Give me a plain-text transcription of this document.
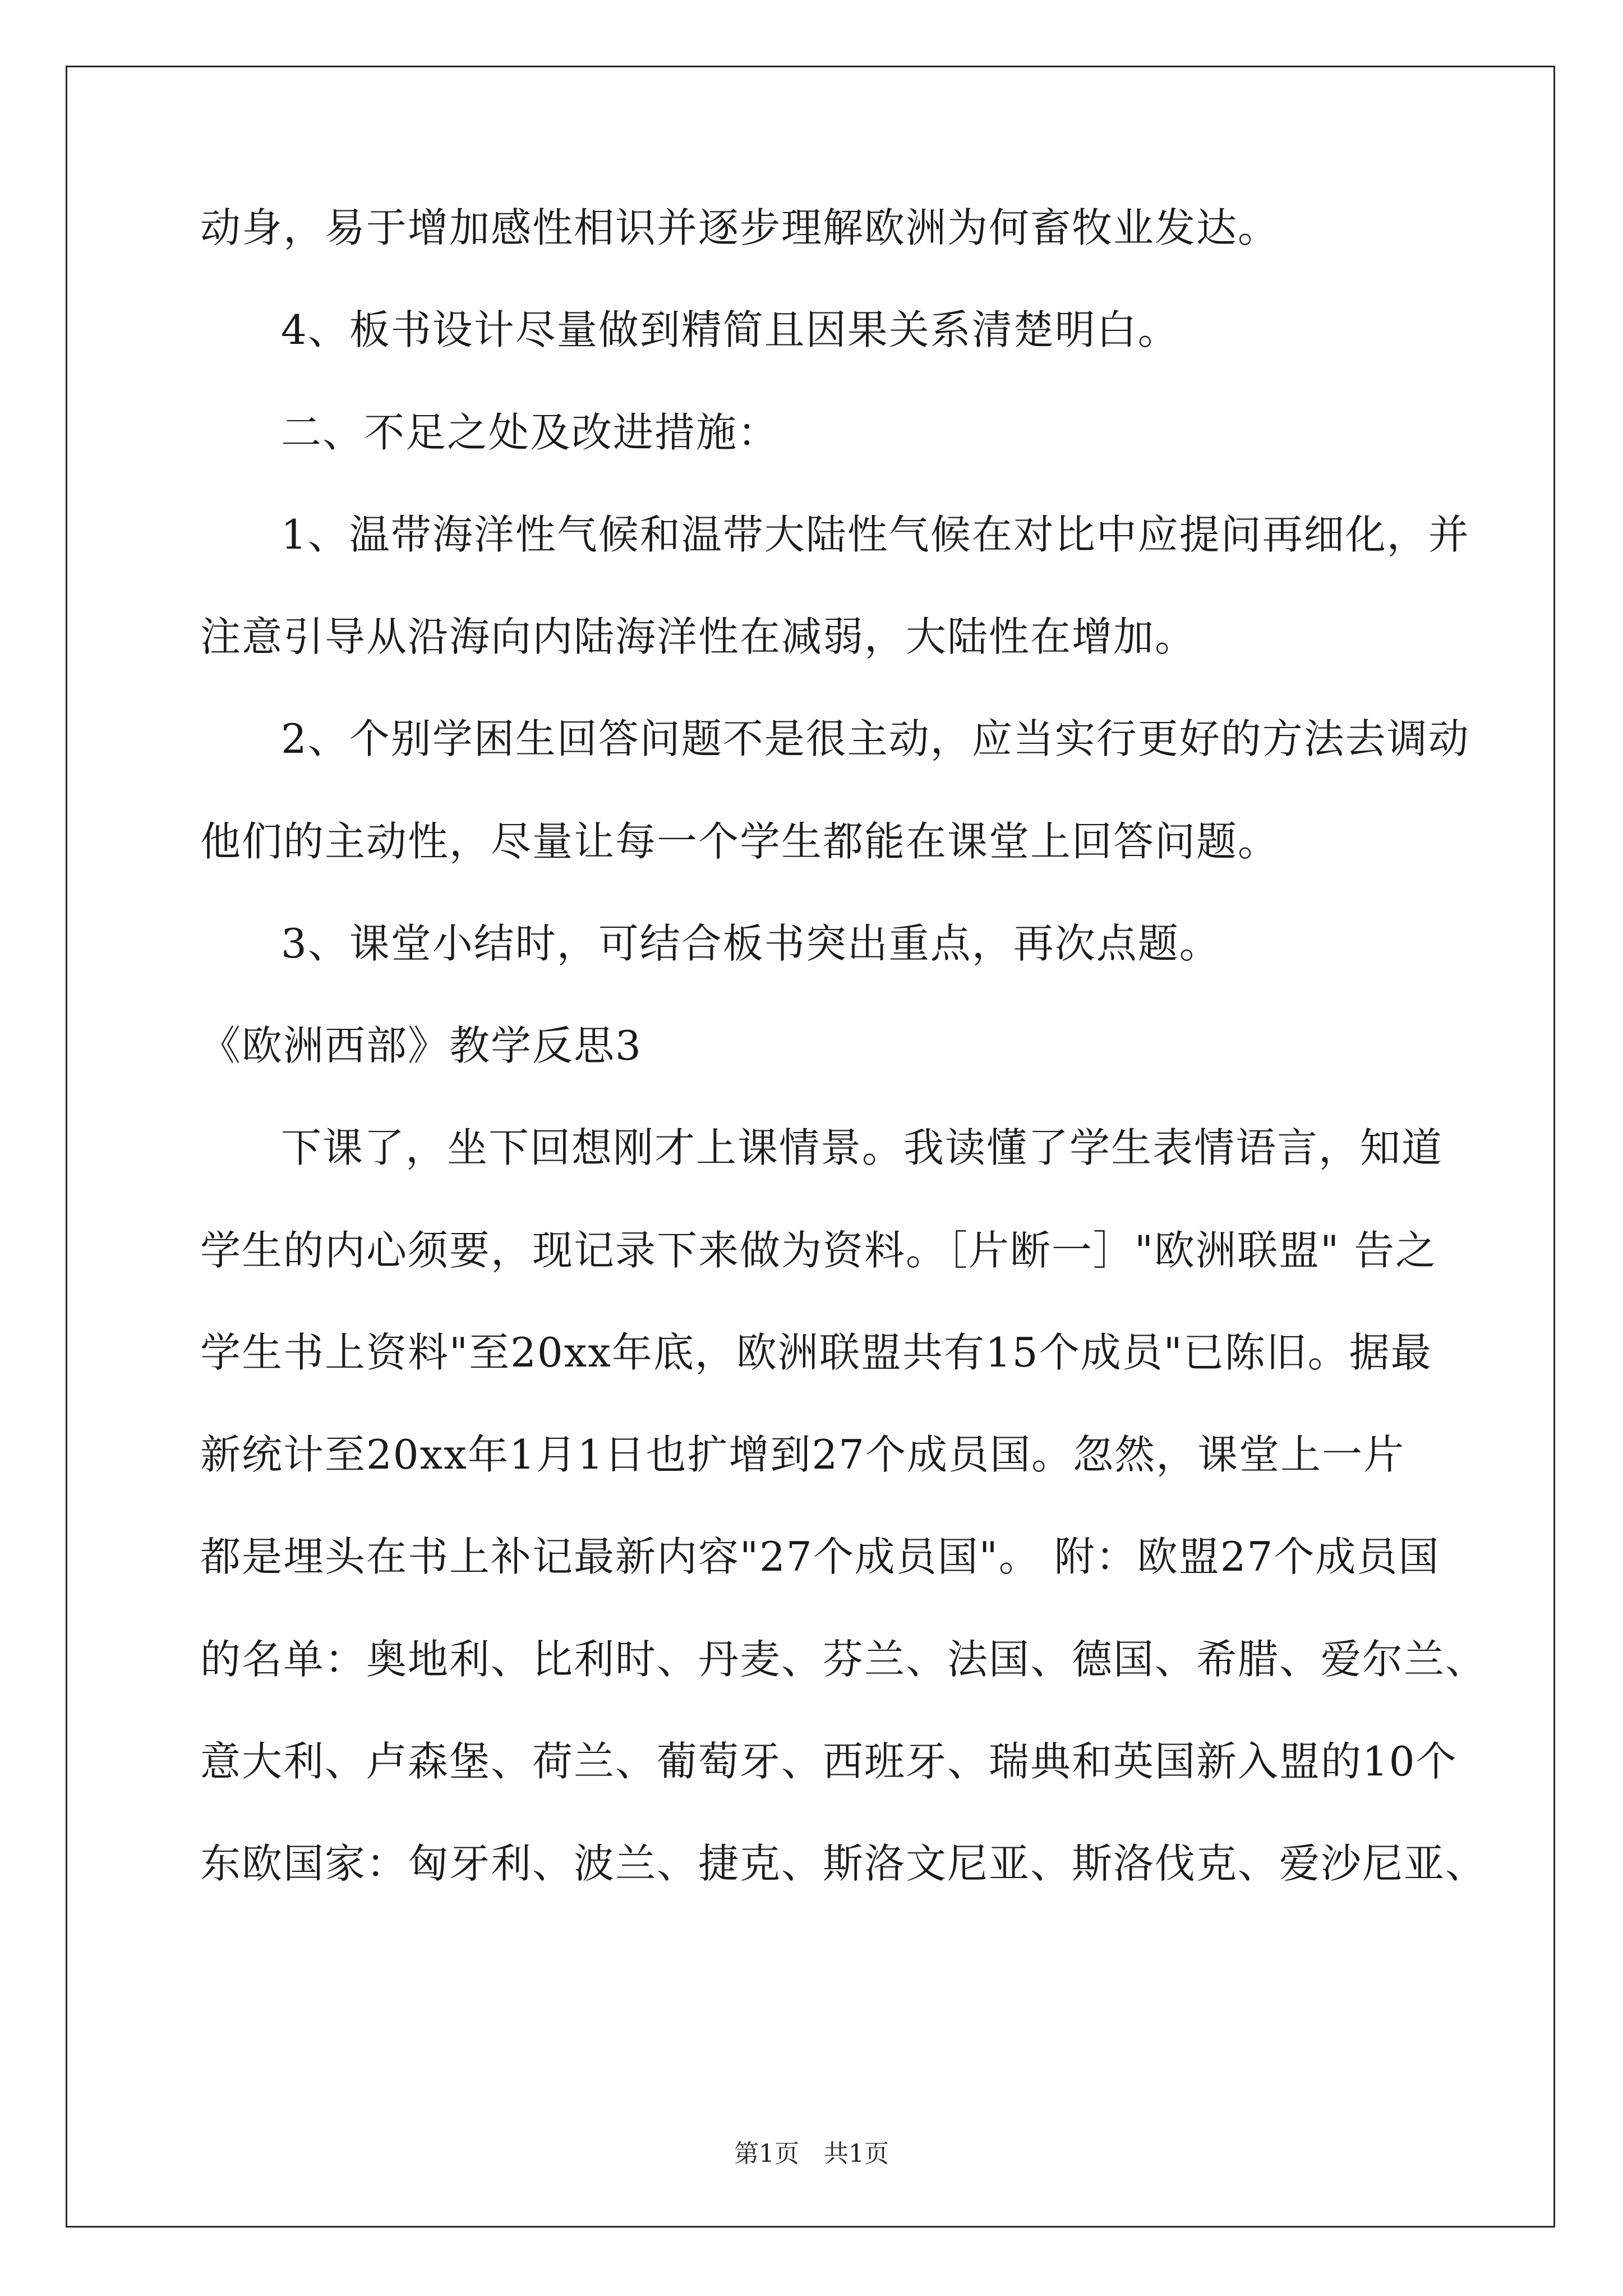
动身，易于增加感性相识并逐步理解欧洲为何畜牧业发达。

4、板书设计尽量做到精简且因果关系清楚明白。

二、不足之处及改进措施：

1、温带海洋性气候和温带大陆性气候在对比中应提问再细化，并

注意引导从沿海向内陆海洋性在减弱，大陆性在增加。

2、个别学困生回答问题不是很主动，应当实行更好的方法去调动

他们的主动性，尽量让每一个学生都能在课堂上回答问题。

3、课堂小结时，可结合板书突出重点，再次点题。

《欧洲西部》教学反思3

下课了，坐下回想刚才上课情景。我读懂了学生表情语言，知道

学生的内心须要，现记录下来做为资料。［片断一］"欧洲联盟" 告之

学生书上资料"至20xx年底，欧洲联盟共有15个成员"已陈旧。据最

新统计至20xx年1月1日也扩增到27个成员国。忽然，课堂上一片

都是埋头在书上补记最新内容"27个成员国"。 附：欧盟27个成员国

的名单：奥地利、比利时、丹麦、芬兰、法国、德国、希腊、爱尔兰、

意大利、卢森堡、荷兰、葡萄牙、西班牙、瑞典和英国新入盟的10个

东欧国家：匈牙利、波兰、捷克、斯洛文尼亚、斯洛伐克、爱沙尼亚、

第1页　共1页
